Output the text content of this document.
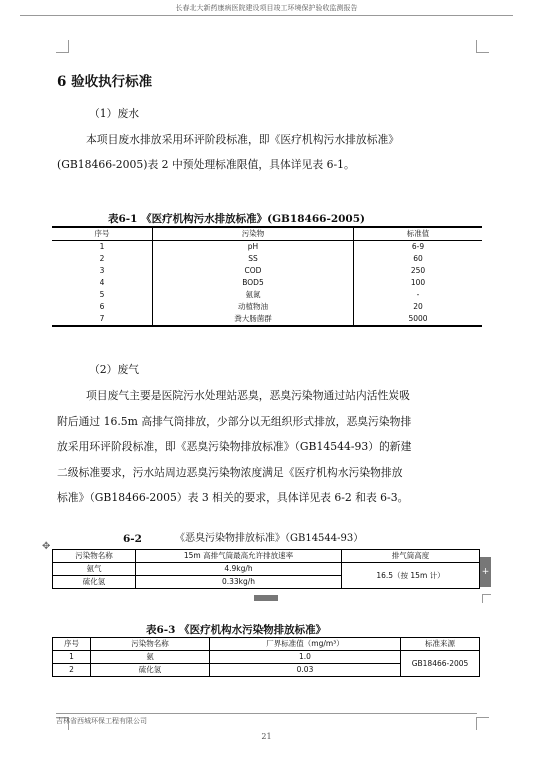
长春北大新药康病医院建设项目竣工环境保护验收监测报告
6 验收执行标准
（1）废水
本项目废水排放采用环评阶段标准，即《医疗机构污水排放标准》
(GB18466-2005)表 2 中预处理标准限值，具体详见表 6-1。
表6-1 《医疗机构污水排放标准》(GB18466-2005)
序号	污染物	标准值
1	pH	6-9
2	SS	60
3	COD	250
4	BOD5	100
5	氨氮	-
6	动植物油	20
7	粪大肠菌群	5000
（2）废气
项目废气主要是医院污水处理站恶臭，恶臭污染物通过站内活性炭吸
附后通过 16.5m 高排气筒排放，少部分以无组织形式排放，恶臭污染物排
放采用环评阶段标准，即《恶臭污染物排放标准》（GB14544-93）的新建
二级标准要求，污水站周边恶臭污染物浓度满足《医疗机构水污染物排放
标准》（GB18466-2005）表 3 相关的要求，具体详见表 6-2 和表 6-3。
6-2	《恶臭污染物排放标准》（GB14544-93）
✥
污染物名称	15m 高排气筒最高允许排放速率	排气筒高度
氨气	4.9kg/h	16.5（按 15m 计）
硫化氢	0.33kg/h	
+
表6-3 《医疗机构水污染物排放标准》
序号	污染物名称	厂界标准值（mg/m³）	标准来源
1	氨	1.0	GB18466-2005
2	硫化氢	0.03	
吉林省西城环保工程有限公司
21
